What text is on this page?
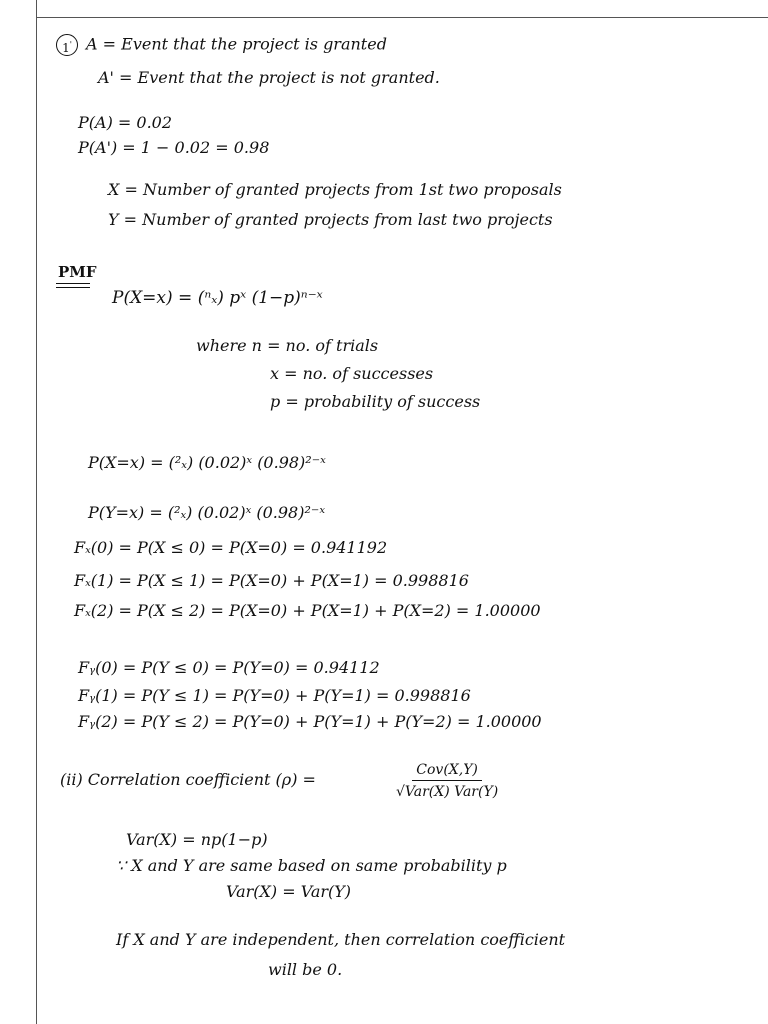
1' A = Event that the project is granted
A' = Event that the project is not granted.
P(A) = 0.02
P(A') = 1 − 0.02 = 0.98
X = Number of granted projects from 1st two proposals
Y = Number of granted projects from last two projects
PMF
P(X=x) = (ⁿₓ) pˣ (1−p)ⁿ⁻ˣ
where n = no. of trials
x = no. of successes
p = probability of success
P(X=x) = (²ₓ) (0.02)ˣ (0.98)²⁻ˣ
P(Y=x) = (²ₓ) (0.02)ˣ (0.98)²⁻ˣ
Fₓ(0) = P(X ≤ 0) = P(X=0) = 0.941192
Fₓ(1) = P(X ≤ 1) = P(X=0) + P(X=1) = 0.998816
Fₓ(2) = P(X ≤ 2) = P(X=0) + P(X=1) + P(X=2) = 1.00000
Fᵧ(0) = P(Y ≤ 0) = P(Y=0) = 0.94112
Fᵧ(1) = P(Y ≤ 1) = P(Y=0) + P(Y=1) = 0.998816
Fᵧ(2) = P(Y ≤ 2) = P(Y=0) + P(Y=1) + P(Y=2) = 1.00000
(ii) Correlation coefficient (ρ) =	Cov(X,Y)
√Var(X) Var(Y)
Var(X) = np(1−p)
∵ X and Y are same based on same probability p
Var(X) = Var(Y)
If X and Y are independent, then correlation coefficient
will be 0.
